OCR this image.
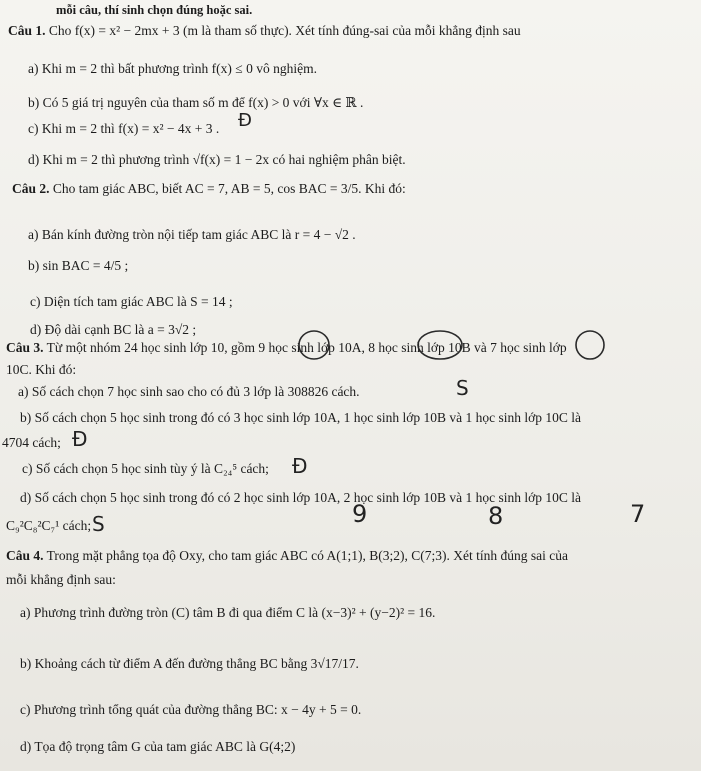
mỗi câu, thí sinh chọn đúng hoặc sai.
Câu 1. Cho f(x) = x² − 2mx + 3 (m là tham số thực). Xét tính đúng-sai của mỗi khẳng định sau
a) Khi m = 2 thì bất phương trình f(x) ≤ 0 vô nghiệm.
b) Có 5 giá trị nguyên của tham số m để f(x) > 0 với ∀x ∈ ℝ .
c) Khi m = 2 thì f(x) = x² − 4x + 3 .
d) Khi m = 2 thì phương trình √f(x) = 1 − 2x có hai nghiệm phân biệt.
Câu 2. Cho tam giác ABC, biết AC = 7, AB = 5, cos BAC = 3/5. Khi đó:
a) Bán kính đường tròn nội tiếp tam giác ABC là r = 4 − √2 .
b) sin BAC = 4/5 ;
c) Diện tích tam giác ABC là S = 14 ;
d) Độ dài cạnh BC là a = 3√2 ;
Câu 3. Từ một nhóm 24 học sinh lớp 10, gồm 9 học sinh lớp 10A, 8 học sinh lớp 10B và 7 học sinh lớp
10C. Khi đó:
a) Số cách chọn 7 học sinh sao cho có đủ 3 lớp là 308826 cách.
b) Số cách chọn 5 học sinh trong đó có 3 học sinh lớp 10A, 1 học sinh lớp 10B và 1 học sinh lớp 10C là
4704 cách;
c) Số cách chọn 5 học sinh tùy ý là C₂₄⁵ cách;
d) Số cách chọn 5 học sinh trong đó có 2 học sinh lớp 10A, 2 học sinh lớp 10B và 1 học sinh lớp 10C là
C₉²C₈²C₇¹ cách;
Câu 4. Trong mặt phẳng tọa độ Oxy, cho tam giác ABC có A(1;1), B(3;2), C(7;3). Xét tính đúng sai của
mỗi khẳng định sau:
a) Phương trình đường tròn (C) tâm B đi qua điểm C là (x−3)² + (y−2)² = 16.
b) Khoảng cách từ điểm A đến đường thẳng BC bằng 3√17/17.
c) Phương trình tổng quát của đường thẳng BC: x − 4y + 5 = 0.
d) Tọa độ trọng tâm G của tam giác ABC là G(4;2)
Đ
S
Đ
Đ
S	9	8	7
